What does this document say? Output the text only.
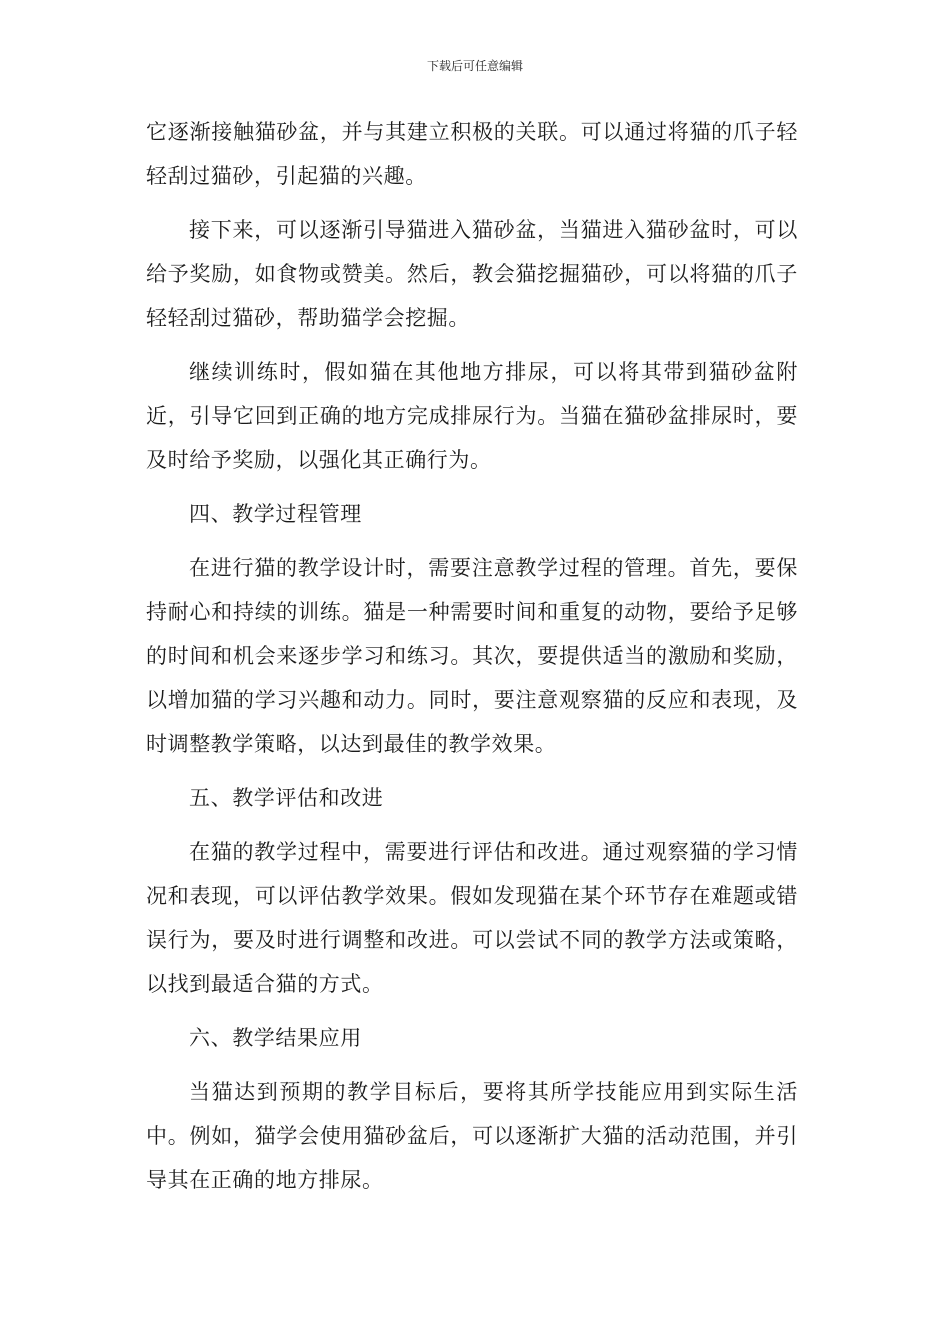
下载后可任意编辑

它逐渐接触猫砂盆，并与其建立积极的关联。可以通过将猫的爪子轻轻刮过猫砂，引起猫的兴趣。

接下来，可以逐渐引导猫进入猫砂盆，当猫进入猫砂盆时，可以给予奖励，如食物或赞美。然后，教会猫挖掘猫砂，可以将猫的爪子轻轻刮过猫砂，帮助猫学会挖掘。

继续训练时，假如猫在其他地方排尿，可以将其带到猫砂盆附近，引导它回到正确的地方完成排尿行为。当猫在猫砂盆排尿时，要及时给予奖励，以强化其正确行为。

四、教学过程管理

在进行猫的教学设计时，需要注意教学过程的管理。首先，要保持耐心和持续的训练。猫是一种需要时间和重复的动物，要给予足够的时间和机会来逐步学习和练习。其次，要提供适当的激励和奖励，以增加猫的学习兴趣和动力。同时，要注意观察猫的反应和表现，及时调整教学策略，以达到最佳的教学效果。

五、教学评估和改进

在猫的教学过程中，需要进行评估和改进。通过观察猫的学习情况和表现，可以评估教学效果。假如发现猫在某个环节存在难题或错误行为，要及时进行调整和改进。可以尝试不同的教学方法或策略，以找到最适合猫的方式。

六、教学结果应用

当猫达到预期的教学目标后，要将其所学技能应用到实际生活中。例如，猫学会使用猫砂盆后，可以逐渐扩大猫的活动范围，并引导其在正确的地方排尿。
